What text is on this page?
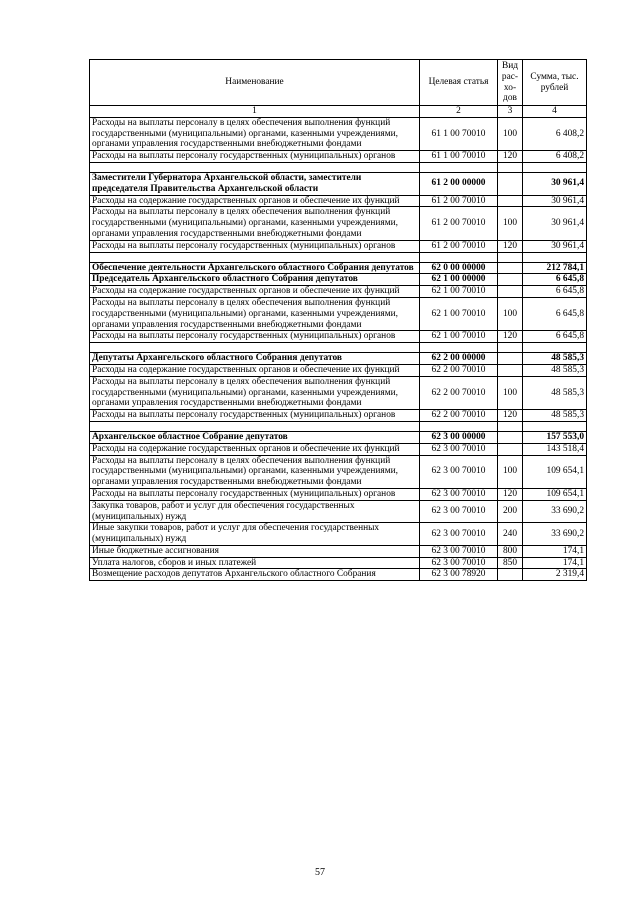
Наименование	Целевая статья	Вид рас-хо-дов	Сумма, тыс. рублей
1	2	3	4
Расходы на выплаты персоналу в целях обеспечения выполнения функций государственными (муниципальными) органами, казенными учреждениями, органами управления государственными внебюджетными фондами	61 1 00 70010	100	6 408,2
Расходы на выплаты персоналу государственных (муниципальных) органов	61 1 00 70010	120	6 408,2

Заместители Губернатора Архангельской области, заместители председателя Правительства Архангельской области	61 2 00 00000		30 961,4
Расходы на содержание государственных органов и обеспечение их функций	61 2 00 70010		30 961,4
Расходы на выплаты персоналу в целях обеспечения выполнения функций государственными (муниципальными) органами, казенными учреждениями, органами управления государственными внебюджетными фондами	61 2 00 70010	100	30 961,4
Расходы на выплаты персоналу государственных (муниципальных) органов	61 2 00 70010	120	30 961,4

Обеспечение деятельности Архангельского областного Собрания депутатов	62 0 00 00000		212 784,1
Председатель Архангельского областного Собрания депутатов	62 1 00 00000		6 645,8
Расходы на содержание государственных органов и обеспечение их функций	62 1 00 70010		6 645,8
Расходы на выплаты персоналу в целях обеспечения выполнения функций государственными (муниципальными) органами, казенными учреждениями, органами управления государственными внебюджетными фондами	62 1 00 70010	100	6 645,8
Расходы на выплаты персоналу государственных (муниципальных) органов	62 1 00 70010	120	6 645,8

Депутаты Архангельского областного Собрания депутатов	62 2 00 00000		48 585,3
Расходы на содержание государственных органов и обеспечение их функций	62 2 00 70010		48 585,3
Расходы на выплаты персоналу в целях обеспечения выполнения функций государственными (муниципальными) органами, казенными учреждениями, органами управления государственными внебюджетными фондами	62 2 00 70010	100	48 585,3
Расходы на выплаты персоналу государственных (муниципальных) органов	62 2 00 70010	120	48 585,3

Архангельское областное Собрание депутатов	62 3 00 00000		157 553,0
Расходы на содержание государственных органов и обеспечение их функций	62 3 00 70010		143 518,4
Расходы на выплаты персоналу в целях обеспечения выполнения функций государственными (муниципальными) органами, казенными учреждениями, органами управления государственными внебюджетными фондами	62 3 00 70010	100	109 654,1
Расходы на выплаты персоналу государственных (муниципальных) органов	62 3 00 70010	120	109 654,1
Закупка товаров, работ и услуг для обеспечения государственных (муниципальных) нужд	62 3 00 70010	200	33 690,2
Иные закупки товаров, работ и услуг для обеспечения государственных (муниципальных) нужд	62 3 00 70010	240	33 690,2
Иные бюджетные ассигнования	62 3 00 70010	800	174,1
Уплата налогов, сборов и иных платежей	62 3 00 70010	850	174,1
Возмещение расходов депутатов Архангельского областного Собрания	62 3 00 78920		2 319,4
57
